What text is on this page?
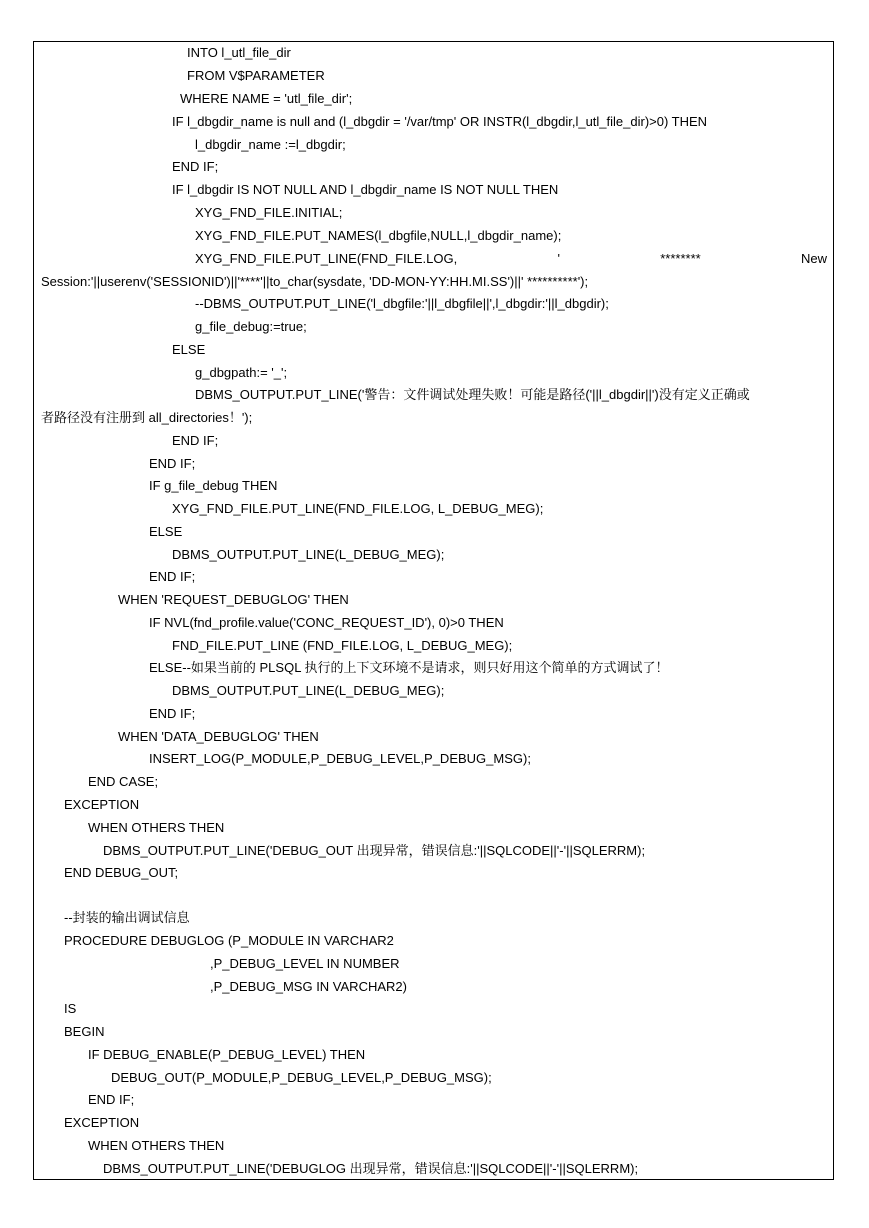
INTO l_utl_file_dir
FROM V$PARAMETER
WHERE NAME = 'utl_file_dir';
IF l_dbgdir_name is null and (l_dbgdir = '/var/tmp' OR INSTR(l_dbgdir,l_utl_file_dir)>0) THEN
l_dbgdir_name :=l_dbgdir;
END IF;
IF l_dbgdir IS NOT NULL AND l_dbgdir_name IS NOT NULL THEN
XYG_FND_FILE.INITIAL;
XYG_FND_FILE.PUT_NAMES(l_dbgfile,NULL,l_dbgdir_name);
XYG_FND_FILE.PUT_LINE(FND_FILE.LOG,	'	********	New
Session:'||userenv('SESSIONID')||'****'||to_char(sysdate, 'DD-MON-YY:HH.MI.SS')||' **********');
--DBMS_OUTPUT.PUT_LINE('l_dbgfile:'||l_dbgfile||',l_dbgdir:'||l_dbgdir);
g_file_debug:=true;
ELSE
g_dbgpath:= '_';
DBMS_OUTPUT.PUT_LINE('警告：文件调试处理失败！可能是路径('||l_dbgdir||')没有定义正确或
者路径没有注册到 all_directories！');
END IF;
END IF;
IF g_file_debug THEN
XYG_FND_FILE.PUT_LINE(FND_FILE.LOG, L_DEBUG_MEG);
ELSE
DBMS_OUTPUT.PUT_LINE(L_DEBUG_MEG);
END IF;
WHEN 'REQUEST_DEBUGLOG' THEN
IF NVL(fnd_profile.value('CONC_REQUEST_ID'), 0)>0 THEN
FND_FILE.PUT_LINE (FND_FILE.LOG, L_DEBUG_MEG);
ELSE--如果当前的 PLSQL 执行的上下文环境不是请求，则只好用这个简单的方式调试了！
DBMS_OUTPUT.PUT_LINE(L_DEBUG_MEG);
END IF;
WHEN 'DATA_DEBUGLOG' THEN
INSERT_LOG(P_MODULE,P_DEBUG_LEVEL,P_DEBUG_MSG);
END CASE;
EXCEPTION
WHEN OTHERS THEN
DBMS_OUTPUT.PUT_LINE('DEBUG_OUT 出现异常，错误信息:'||SQLCODE||'-'||SQLERRM);
END DEBUG_OUT;
--封装的输出调试信息
PROCEDURE DEBUGLOG (P_MODULE IN VARCHAR2
,P_DEBUG_LEVEL IN NUMBER
,P_DEBUG_MSG IN VARCHAR2)
IS
BEGIN
IF DEBUG_ENABLE(P_DEBUG_LEVEL) THEN
DEBUG_OUT(P_MODULE,P_DEBUG_LEVEL,P_DEBUG_MSG);
END IF;
EXCEPTION
WHEN OTHERS THEN
DBMS_OUTPUT.PUT_LINE('DEBUGLOG 出现异常，错误信息:'||SQLCODE||'-'||SQLERRM);
